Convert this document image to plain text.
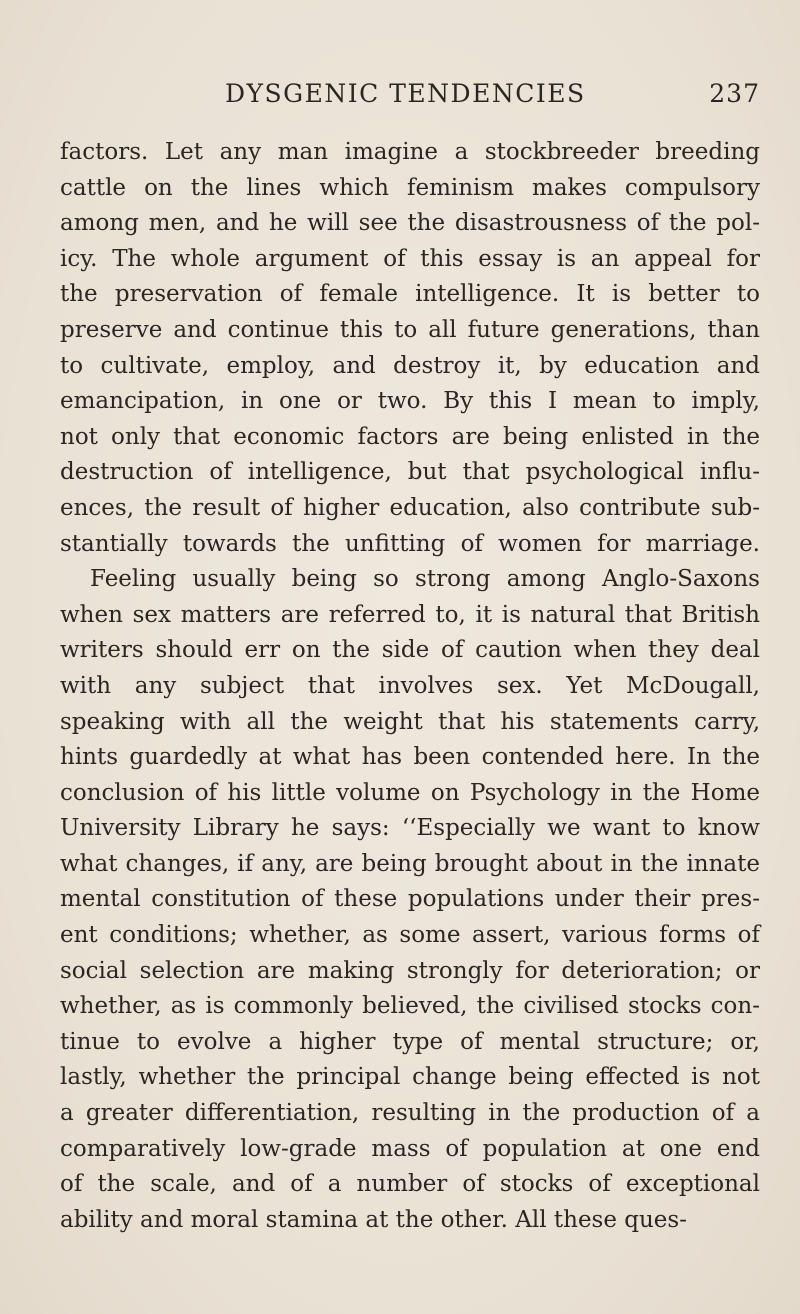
DYSGENIC TENDENCIES	237
factors. Let any man imagine a stockbreeder breeding
cattle on the lines which feminism makes compulsory
among men, and he will see the disastrousness of the pol-
icy. The whole argument of this essay is an appeal for
the preservation of female intelligence. It is better to
preserve and continue this to all future generations, than
to cultivate, employ, and destroy it, by education and
emancipation, in one or two. By this I mean to imply,
not only that economic factors are being enlisted in the
destruction of intelligence, but that psychological influ-
ences, the result of higher education, also contribute sub-
stantially towards the unfitting of women for marriage.
Feeling usually being so strong among Anglo-Saxons
when sex matters are referred to, it is natural that British
writers should err on the side of caution when they deal
with any subject that involves sex. Yet McDougall,
speaking with all the weight that his statements carry,
hints guardedly at what has been contended here. In the
conclusion of his little volume on Psychology in the Home
University Library he says: ‘‘Especially we want to know
what changes, if any, are being brought about in the innate
mental constitution of these populations under their pres-
ent conditions; whether, as some assert, various forms of
social selection are making strongly for deterioration; or
whether, as is commonly believed, the civilised stocks con-
tinue to evolve a higher type of mental structure; or,
lastly, whether the principal change being effected is not
a greater differentiation, resulting in the production of a
comparatively low-grade mass of population at one end
of the scale, and of a number of stocks of exceptional
ability and moral stamina at the other. All these ques-
